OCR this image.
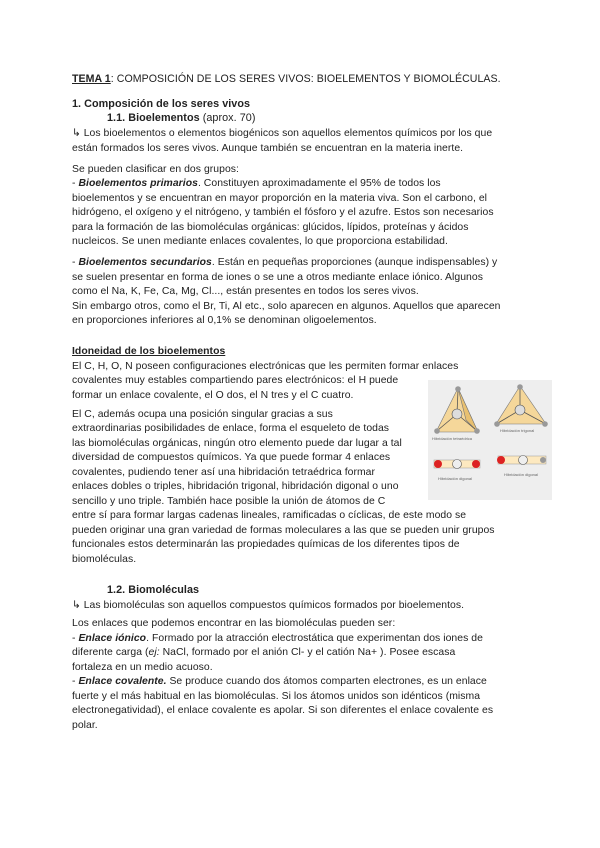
TEMA 1: COMPOSICIÓN DE LOS SERES VIVOS: BIOELEMENTOS Y BIOMOLÉCULAS.
1. Composición de los seres vivos
1.1. Bioelementos (aprox. 70)
↳ Los bioelementos o elementos biogénicos son aquellos elementos químicos por los que
están formados los seres vivos. Aunque también se encuentran en la materia inerte.
Se pueden clasificar en dos grupos:
- Bioelementos primarios. Constituyen aproximadamente el 95% de todos los
bioelementos y se encuentran en mayor proporción en la materia viva. Son el carbono, el
hidrógeno, el oxígeno y el nitrógeno, y también el fósforo y el azufre. Estos son necesarios
para la formación de las biomoléculas orgánicas: glúcidos, lípidos, proteínas y ácidos
nucleicos. Se unen mediante enlaces covalentes, lo que proporciona estabilidad.
- Bioelementos secundarios. Están en pequeñas proporciones (aunque indispensables) y
se suelen presentar en forma de iones o se une a otros mediante enlace iónico. Algunos
como el Na, K, Fe, Ca, Mg, Cl..., están presentes en todos los seres vivos.
Sin embargo otros, como el Br, Ti, Al etc., solo aparecen en algunos. Aquellos que aparecen
en proporciones inferiores al 0,1% se denominan oligoelementos.
Idoneidad de los bioelementos
El C, H, O, N poseen configuraciones electrónicas que les permiten formar enlaces
covalentes muy estables compartiendo pares electrónicos: el H puede
formar un enlace covalente, el O dos, el N tres y el C cuatro.
El C, además ocupa una posición singular gracias a sus
extraordinarias posibilidades de enlace, forma el esqueleto de todas
las biomoléculas orgánicas, ningún otro elemento puede dar lugar a tal
diversidad de compuestos químicos. Ya que puede formar 4 enlaces
covalentes, pudiendo tener así una hibridación tetraédrica formar
enlaces dobles o triples, hibridación trigonal, hibridación digonal o uno
sencillo y uno triple. También hace posible la unión de átomos de C
entre sí para formar largas cadenas lineales, ramificadas o cíclicas, de este modo se
pueden originar una gran variedad de formas moleculares a las que se pueden unir grupos
funcionales estos determinarán las propiedades químicas de los diferentes tipos de
biomoléculas.
Hibridación tetraédrica
Hibridación trigonal
Hibridación digonal
Hibridación digonal
1.2. Biomoléculas
↳ Las biomoléculas son aquellos compuestos químicos formados por bioelementos.
Los enlaces que podemos encontrar en las biomoléculas pueden ser:
- Enlace iónico. Formado por la atracción electrostática que experimentan dos iones de
diferente carga (ej: NaCl, formado por el anión Cl- y el catión Na+ ). Posee escasa
fortaleza en un medio acuoso.
- Enlace covalente. Se produce cuando dos átomos comparten electrones, es un enlace
fuerte y el más habitual en las biomoléculas. Si los átomos unidos son idénticos (misma
electronegatividad), el enlace covalente es apolar. Si son diferentes el enlace covalente es
polar.
